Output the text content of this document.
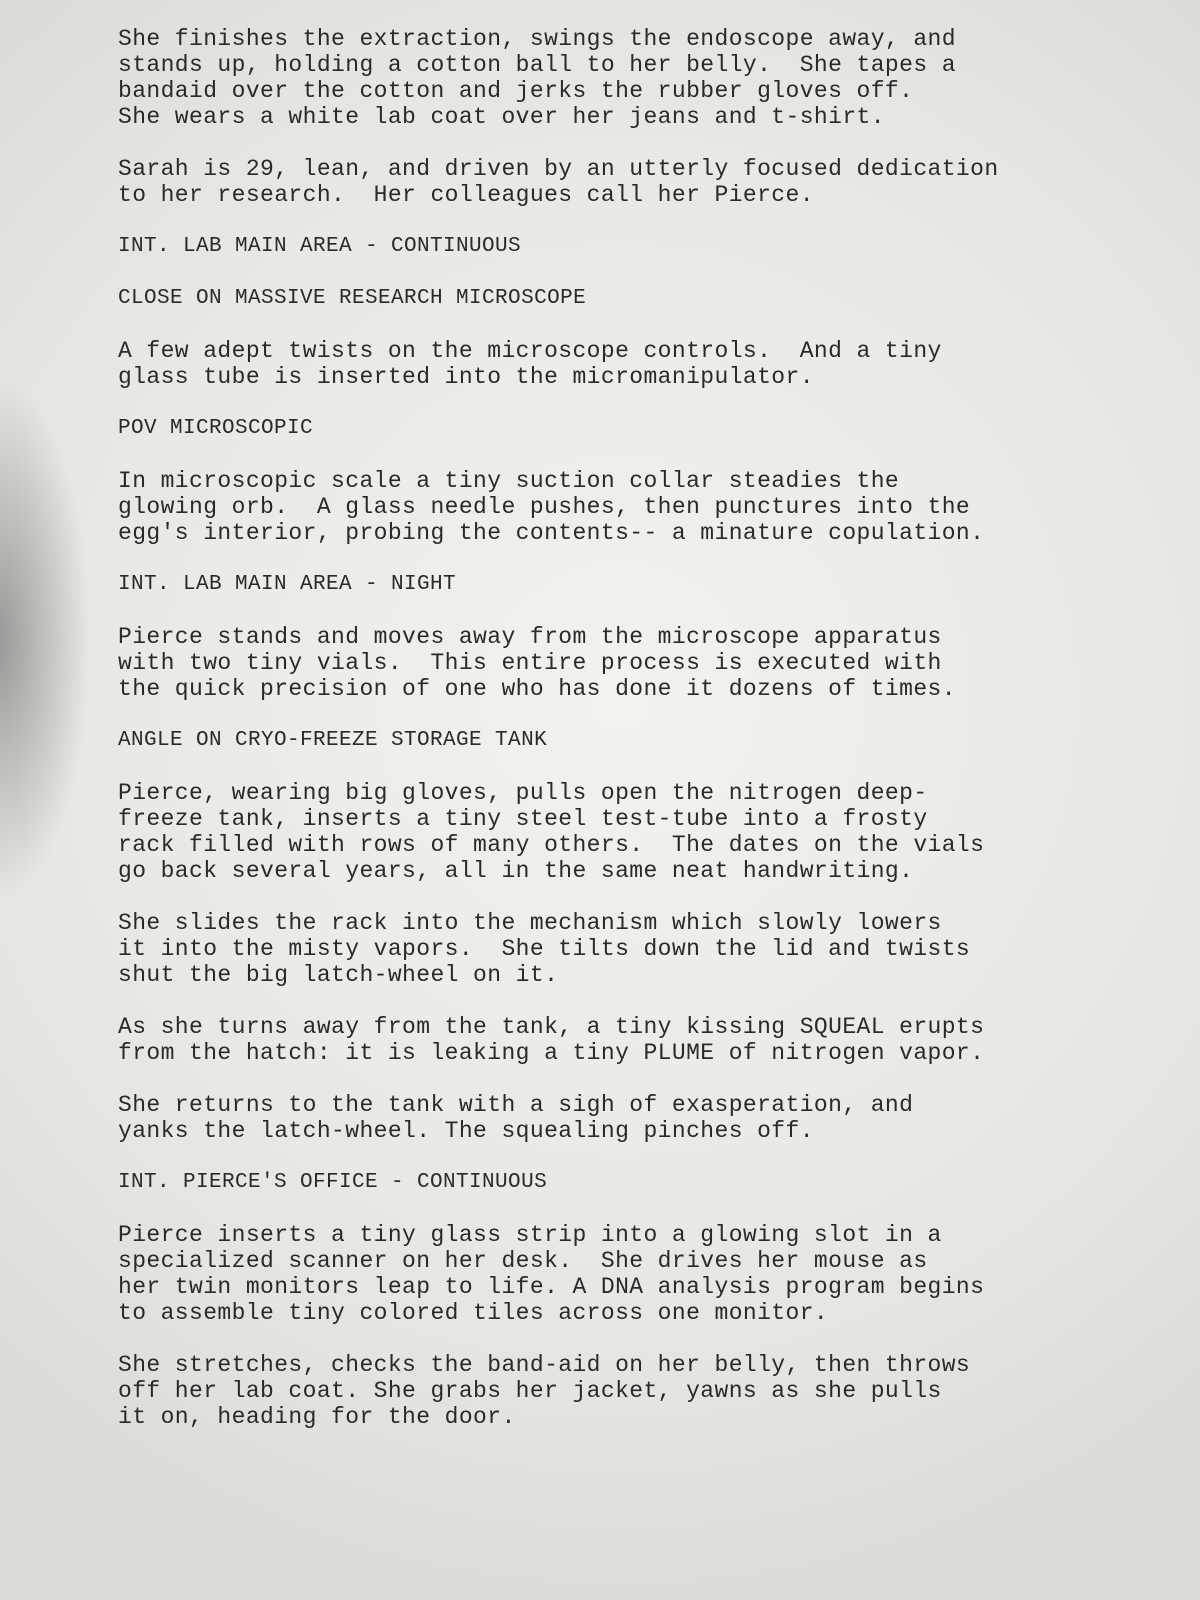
She finishes the extraction, swings the endoscope away, and
stands up, holding a cotton ball to her belly.  She tapes a
bandaid over the cotton and jerks the rubber gloves off.
She wears a white lab coat over her jeans and t-shirt.
Sarah is 29, lean, and driven by an utterly focused dedication
to her research.  Her colleagues call her Pierce.
INT. LAB MAIN AREA - CONTINUOUS
CLOSE ON MASSIVE RESEARCH MICROSCOPE
A few adept twists on the microscope controls.  And a tiny
glass tube is inserted into the micromanipulator.
POV MICROSCOPIC
In microscopic scale a tiny suction collar steadies the
glowing orb.  A glass needle pushes, then punctures into the
egg's interior, probing the contents-- a minature copulation.
INT. LAB MAIN AREA - NIGHT
Pierce stands and moves away from the microscope apparatus
with two tiny vials.  This entire process is executed with
the quick precision of one who has done it dozens of times.
ANGLE ON CRYO-FREEZE STORAGE TANK
Pierce, wearing big gloves, pulls open the nitrogen deep-
freeze tank, inserts a tiny steel test-tube into a frosty
rack filled with rows of many others.  The dates on the vials
go back several years, all in the same neat handwriting.
She slides the rack into the mechanism which slowly lowers
it into the misty vapors.  She tilts down the lid and twists
shut the big latch-wheel on it.
As she turns away from the tank, a tiny kissing SQUEAL erupts
from the hatch: it is leaking a tiny PLUME of nitrogen vapor.
She returns to the tank with a sigh of exasperation, and
yanks the latch-wheel. The squealing pinches off.
INT. PIERCE'S OFFICE - CONTINUOUS
Pierce inserts a tiny glass strip into a glowing slot in a
specialized scanner on her desk.  She drives her mouse as
her twin monitors leap to life. A DNA analysis program begins
to assemble tiny colored tiles across one monitor.
She stretches, checks the band-aid on her belly, then throws
off her lab coat. She grabs her jacket, yawns as she pulls
it on, heading for the door.
